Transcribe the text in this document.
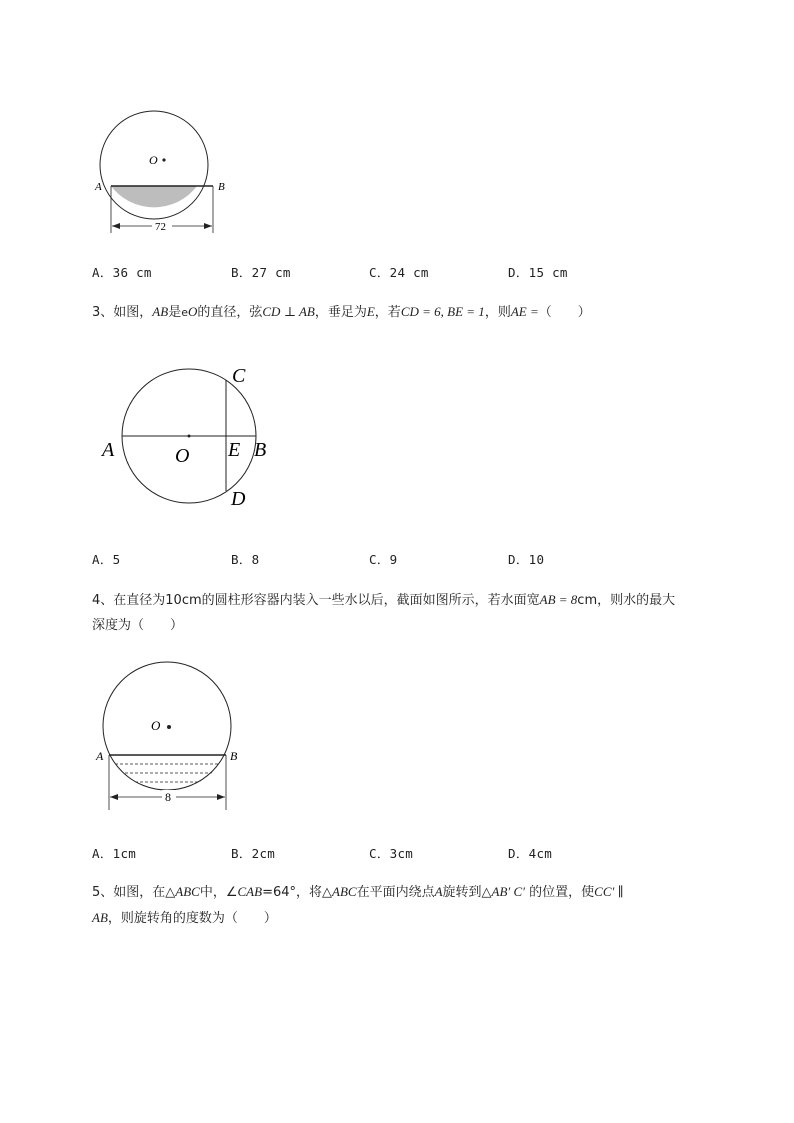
O
A	B
72
A．36 cm	B．27 cm	C．24 cm	D．15 cm
3、如图，AB是eO的直径，弦CD ⊥ AB，垂足为E，若CD = 6, BE = 1，则AE =（　　）
C
A	O E B
D
A．5	B．8	C．9	D．10
4、在直径为10cm的圆柱形容器内装入一些水以后，截面如图所示，若水面宽AB = 8cm，则水的最大
深度为（　　）
O
A	B
8
A．1cm	B．2cm	C．3cm	D．4cm
5、如图，在△ABC中，∠CAB=64°，将△ABC在平面内绕点A旋转到△AB′ C′ 的位置，使CC′ ∥
AB，则旋转角的度数为（　　）
